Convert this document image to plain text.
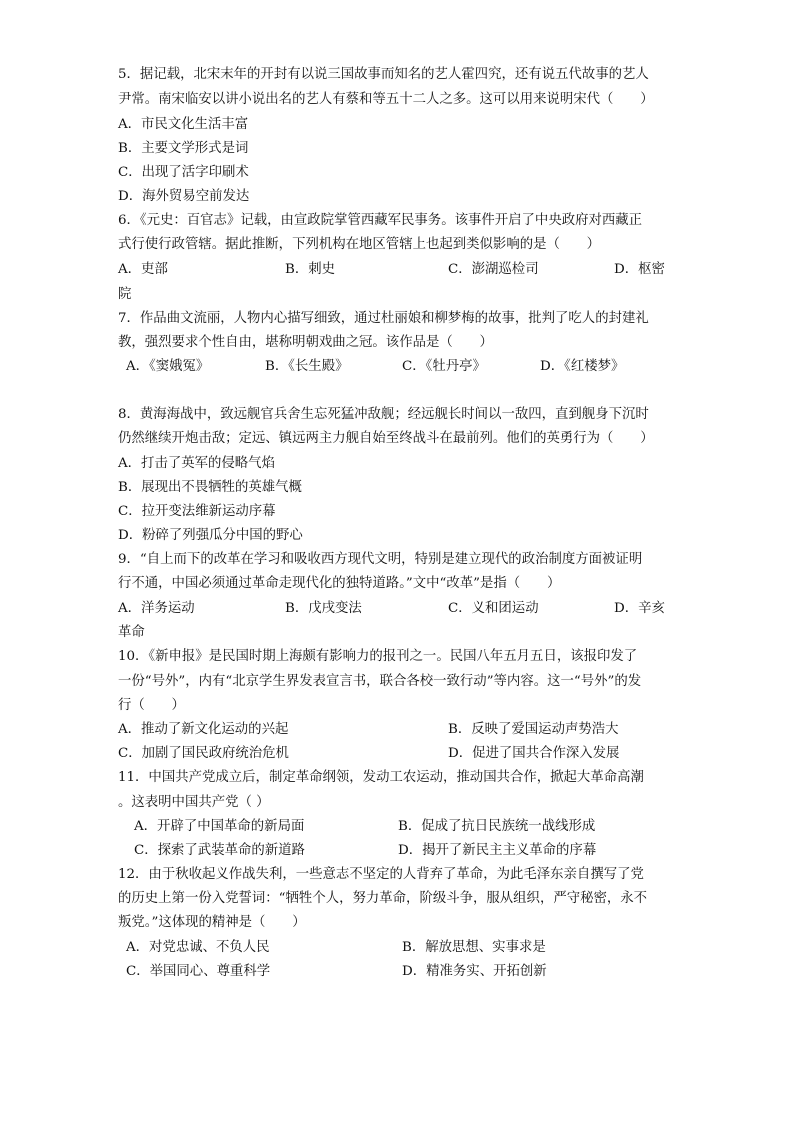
5．据记载，北宋末年的开封有以说三国故事而知名的艺人霍四究，还有说五代故事的艺人
尹常。南宋临安以讲小说出名的艺人有蔡和等五十二人之多。这可以用来说明宋代（　　）
A．市民文化生活丰富
B．主要文学形式是词
C．出现了活字印刷术
D．海外贸易空前发达
6．《元史：百官志》记载，由宣政院掌管西藏军民事务。该事件开启了中央政府对西藏正
式行使行政管辖。据此推断，下列机构在地区管辖上也起到类似影响的是（　　）
A．吏部	B．刺史	C．澎湖巡检司	D．枢密
院
7．作品曲文流丽，人物内心描写细致，通过杜丽娘和柳梦梅的故事，批判了吃人的封建礼
教，强烈要求个性自由，堪称明朝戏曲之冠。该作品是（　　）
A．《窦娥冤》	B．《长生殿》	C．《牡丹亭》	D．《红楼梦》
8．黄海海战中，致远舰官兵舍生忘死猛冲敌舰；经远舰长时间以一敌四，直到舰身下沉时
仍然继续开炮击敌；定远、镇远两主力舰自始至终战斗在最前列。他们的英勇行为（　　）
A．打击了英军的侵略气焰
B．展现出不畏牺牲的英雄气概
C．拉开变法维新运动序幕
D．粉碎了列强瓜分中国的野心
9．“自上而下的改革在学习和吸收西方现代文明，特别是建立现代的政治制度方面被证明
行不通，中国必须通过革命走现代化的独特道路。”文中“改革”是指（　　）
A．洋务运动	B．戊戌变法	C．义和团运动	D．辛亥
革命
10．《新申报》是民国时期上海颇有影响力的报刊之一。民国八年五月五日，该报印发了
一份“号外”，内有“北京学生界发表宣言书，联合各校一致行动”等内容。这一“号外”的发
行（　　）
A．推动了新文化运动的兴起	B．反映了爱国运动声势浩大
C．加剧了国民政府统治危机	D．促进了国共合作深入发展
11．中国共产党成立后，制定革命纲领，发动工农运动，推动国共合作，掀起大革命高潮
。这表明中国共产党（ ）
A．开辟了中国革命的新局面	B．促成了抗日民族统一战线形成
C．探索了武装革命的新道路	D．揭开了新民主主义革命的序幕
12．由于秋收起义作战失利，一些意志不坚定的人背弃了革命，为此毛泽东亲自撰写了党
的历史上第一份入党誓词：“牺牲个人，努力革命，阶级斗争，服从组织，严守秘密，永不
叛党。”这体现的精神是（　　）
A．对党忠诚、不负人民	B．解放思想、实事求是
C．举国同心、尊重科学	D．精准务实、开拓创新
